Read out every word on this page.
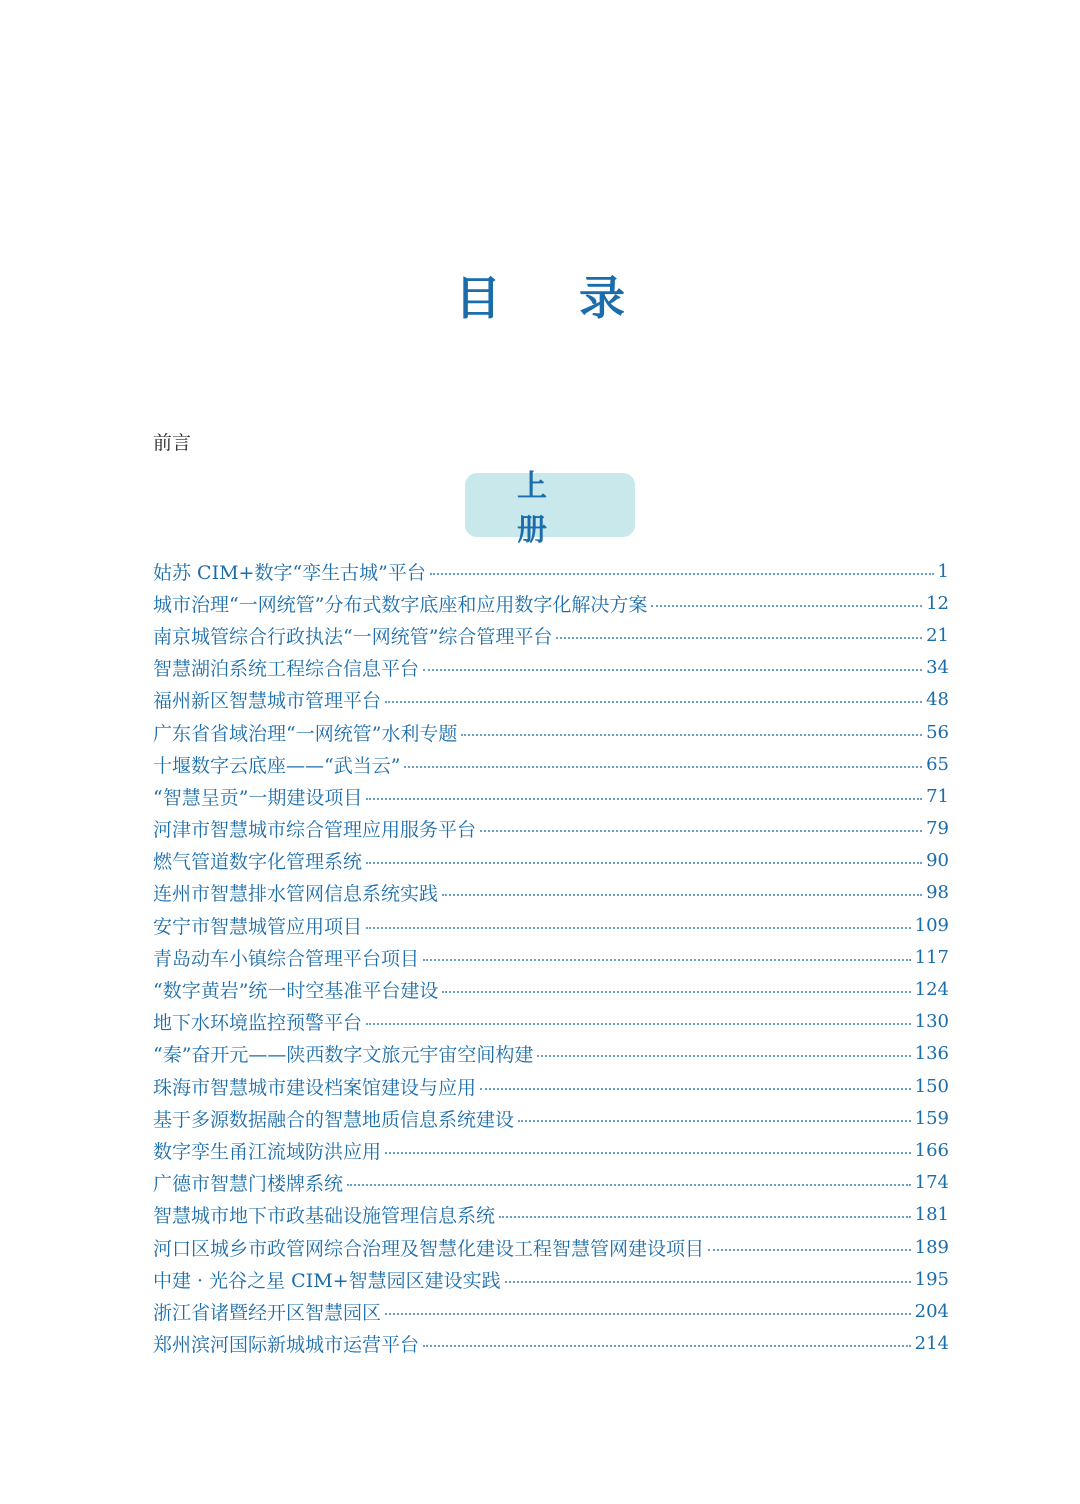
目录
前言
上册
姑苏 CIM+数字“孪生古城”平台	1
城市治理“一网统管”分布式数字底座和应用数字化解决方案	12
南京城管综合行政执法“一网统管”综合管理平台	21
智慧湖泊系统工程综合信息平台	34
福州新区智慧城市管理平台	48
广东省省域治理“一网统管”水利专题	56
十堰数字云底座——“武当云”	65
“智慧呈贡”一期建设项目	71
河津市智慧城市综合管理应用服务平台	79
燃气管道数字化管理系统	90
连州市智慧排水管网信息系统实践	98
安宁市智慧城管应用项目	109
青岛动车小镇综合管理平台项目	117
“数字黄岩”统一时空基准平台建设	124
地下水环境监控预警平台	130
“秦”奋开元——陕西数字文旅元宇宙空间构建	136
珠海市智慧城市建设档案馆建设与应用	150
基于多源数据融合的智慧地质信息系统建设	159
数字孪生甬江流域防洪应用	166
广德市智慧门楼牌系统	174
智慧城市地下市政基础设施管理信息系统	181
河口区城乡市政管网综合治理及智慧化建设工程智慧管网建设项目	189
中建 · 光谷之星 CIM+智慧园区建设实践	195
浙江省诸暨经开区智慧园区	204
郑州滨河国际新城城市运营平台	214
